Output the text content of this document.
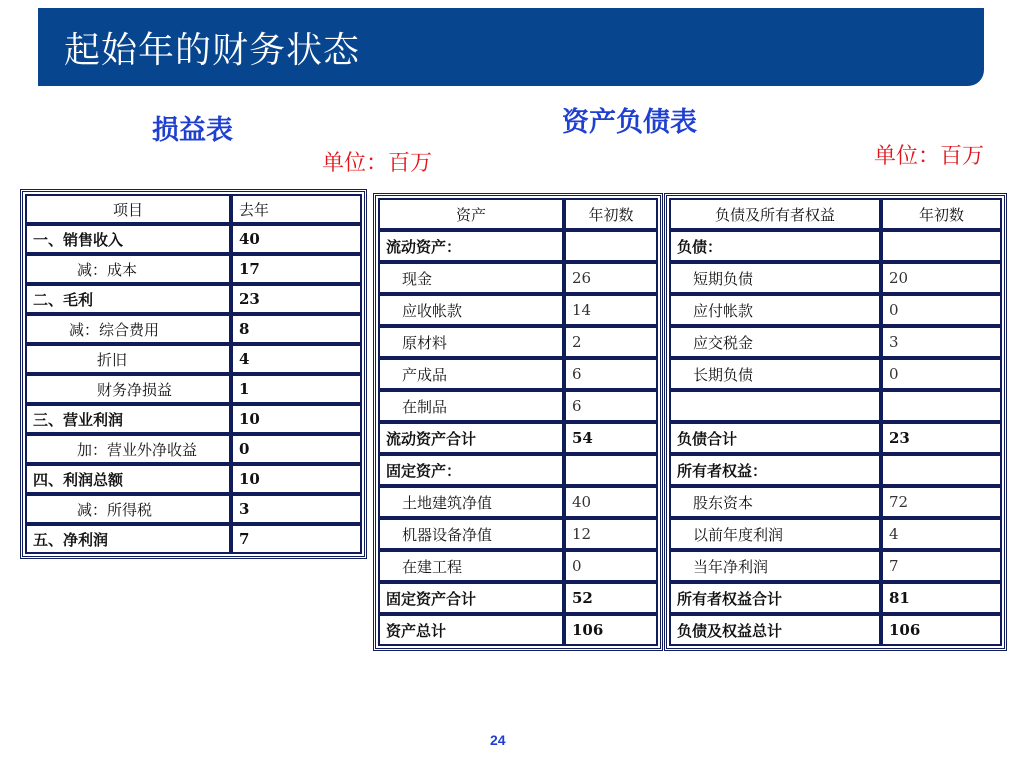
起始年的财务状态
损益表
单位：百万
资产负债表
单位：百万
项目	去年
一、销售收入	40
减：成本	17
二、毛利	23
减：综合费用	8
折旧	4
财务净损益	1
三、营业利润	10
加：营业外净收益	0
四、利润总额	10
减：所得税	3
五、净利润	7
资产	年初数
流动资产：	
现金	26
应收帐款	14
原材料	2
产成品	6
在制品	6
流动资产合计	54
固定资产：	
土地建筑净值	40
机器设备净值	12
在建工程	0
固定资产合计	52
资产总计	106
负债及所有者权益	年初数
负债：	
短期负债	20
应付帐款	0
应交税金	3
长期负债	0

负债合计	23
所有者权益：	
股东资本	72
以前年度利润	4
当年净利润	7
所有者权益合计	81
负债及权益总计	106
24
